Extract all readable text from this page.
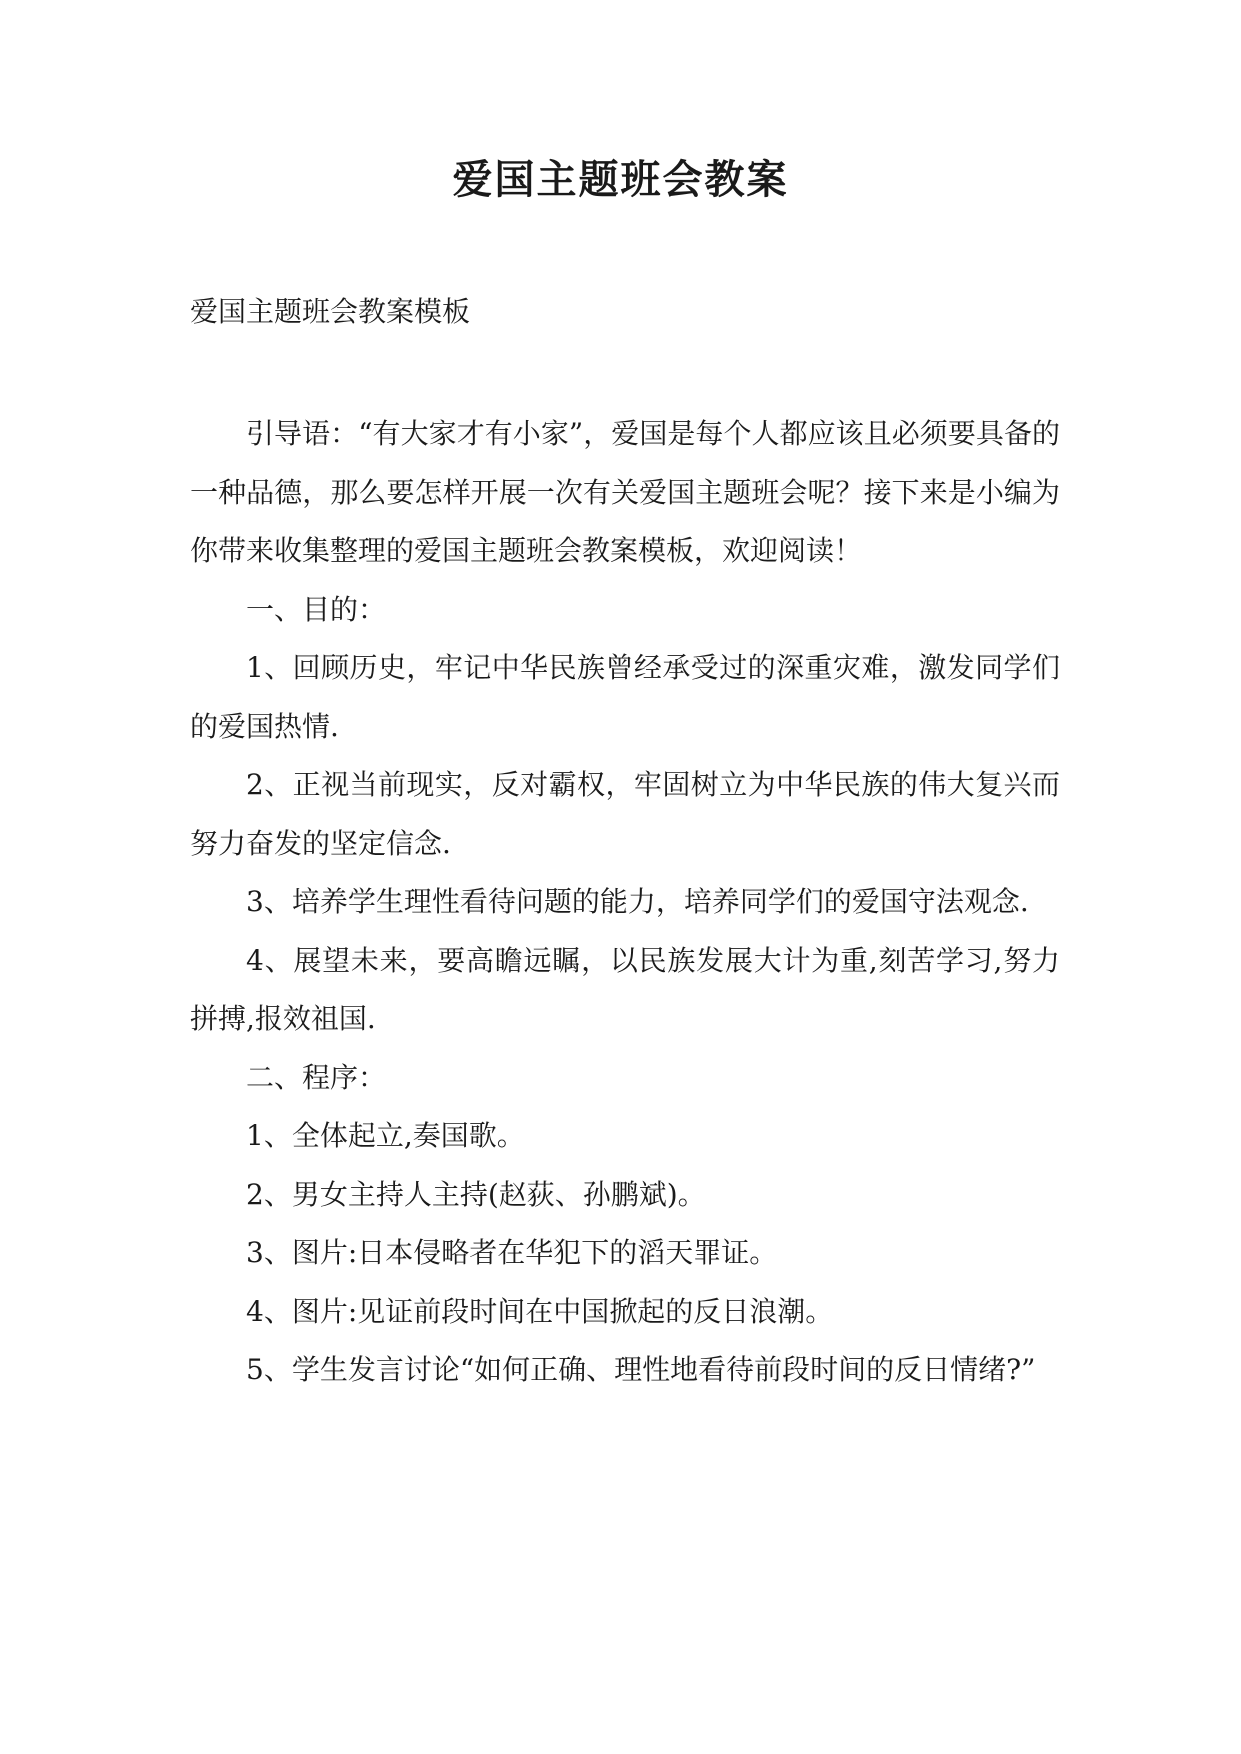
爱国主题班会教案

爱国主题班会教案模板

引导语：“有大家才有小家”，爱国是每个人都应该且必须要具备的一种品德，那么要怎样开展一次有关爱国主题班会呢？接下来是小编为你带来收集整理的爱国主题班会教案模板，欢迎阅读！

一、目的：

1、回顾历史，牢记中华民族曾经承受过的深重灾难，激发同学们的爱国热情.

2、正视当前现实，反对霸权，牢固树立为中华民族的伟大复兴而努力奋发的坚定信念.

3、培养学生理性看待问题的能力，培养同学们的爱国守法观念.

4、展望未来，要高瞻远瞩，以民族发展大计为重,刻苦学习,努力拼搏,报效祖国.

二、程序：

1、全体起立,奏国歌。

2、男女主持人主持(赵荻、孙鹏斌)。

3、图片:日本侵略者在华犯下的滔天罪证。

4、图片:见证前段时间在中国掀起的反日浪潮。

5、学生发言讨论“如何正确、理性地看待前段时间的反日情绪?”
